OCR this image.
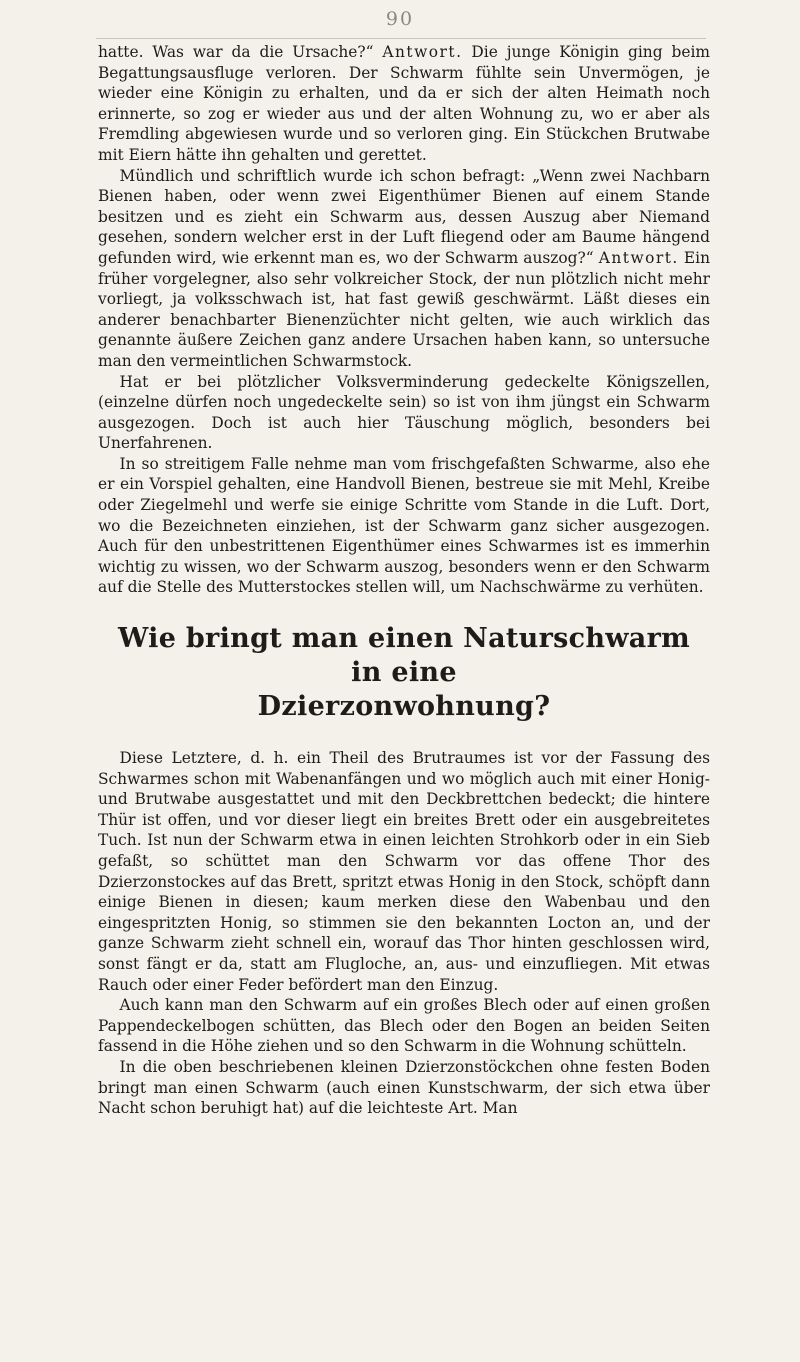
90

hatte. Was war da die Ursache?“ Antwort. Die junge Königin ging beim Begattungsausfluge verloren. Der Schwarm fühlte sein Unvermögen, je wieder eine Königin zu erhalten, und da er sich der alten Heimath noch erinnerte, so zog er wieder aus und der alten Wohnung zu, wo er aber als Fremdling abgewiesen wurde und so verloren ging. Ein Stückchen Brutwabe mit Eiern hätte ihn gehalten und gerettet.

Mündlich und schriftlich wurde ich schon befragt: „Wenn zwei Nachbarn Bienen haben, oder wenn zwei Eigenthümer Bienen auf einem Stande besitzen und es zieht ein Schwarm aus, dessen Auszug aber Niemand gesehen, sondern welcher erst in der Luft fliegend oder am Baume hängend gefunden wird, wie erkennt man es, wo der Schwarm auszog?“ Antwort. Ein früher vorgelegner, also sehr volkreicher Stock, der nun plötzlich nicht mehr vorliegt, ja volksschwach ist, hat fast gewiß geschwärmt. Läßt dieses ein anderer benachbarter Bienenzüchter nicht gelten, wie auch wirklich das genannte äußere Zeichen ganz andere Ursachen haben kann, so untersuche man den vermeintlichen Schwarmstock.

Hat er bei plötzlicher Volksverminderung gedeckelte Königszellen, (einzelne dürfen noch ungedeckelte sein) so ist von ihm jüngst ein Schwarm ausgezogen. Doch ist auch hier Täuschung möglich, besonders bei Unerfahrenen.

In so streitigem Falle nehme man vom frischgefaßten Schwarme, also ehe er ein Vorspiel gehalten, eine Handvoll Bienen, bestreue sie mit Mehl, Kreibe oder Ziegelmehl und werfe sie einige Schritte vom Stande in die Luft. Dort, wo die Bezeichneten einziehen, ist der Schwarm ganz sicher ausgezogen. Auch für den unbestrittenen Eigenthümer eines Schwarmes ist es immerhin wichtig zu wissen, wo der Schwarm auszog, besonders wenn er den Schwarm auf die Stelle des Mutterstockes stellen will, um Nachschwärme zu verhüten.

Wie bringt man einen Naturschwarm in eine
Dzierzonwohnung?

Diese Letztere, d. h. ein Theil des Brutraumes ist vor der Fassung des Schwarmes schon mit Wabenanfängen und wo möglich auch mit einer Honig- und Brutwabe ausgestattet und mit den Deckbrettchen bedeckt; die hintere Thür ist offen, und vor dieser liegt ein breites Brett oder ein ausgebreitetes Tuch. Ist nun der Schwarm etwa in einen leichten Strohkorb oder in ein Sieb gefaßt, so schüttet man den Schwarm vor das offene Thor des Dzierzonstockes auf das Brett, spritzt etwas Honig in den Stock, schöpft dann einige Bienen in diesen; kaum merken diese den Wabenbau und den eingespritzten Honig, so stimmen sie den bekannten Locton an, und der ganze Schwarm zieht schnell ein, worauf das Thor hinten geschlossen wird, sonst fängt er da, statt am Flugloche, an, aus- und einzufliegen. Mit etwas Rauch oder einer Feder befördert man den Einzug.

Auch kann man den Schwarm auf ein großes Blech oder auf einen großen Pappendeckelbogen schütten, das Blech oder den Bogen an beiden Seiten fassend in die Höhe ziehen und so den Schwarm in die Wohnung schütteln.

In die oben beschriebenen kleinen Dzierzonstöckchen ohne festen Boden bringt man einen Schwarm (auch einen Kunstschwarm, der sich etwa über Nacht schon beruhigt hat) auf die leichteste Art. Man
